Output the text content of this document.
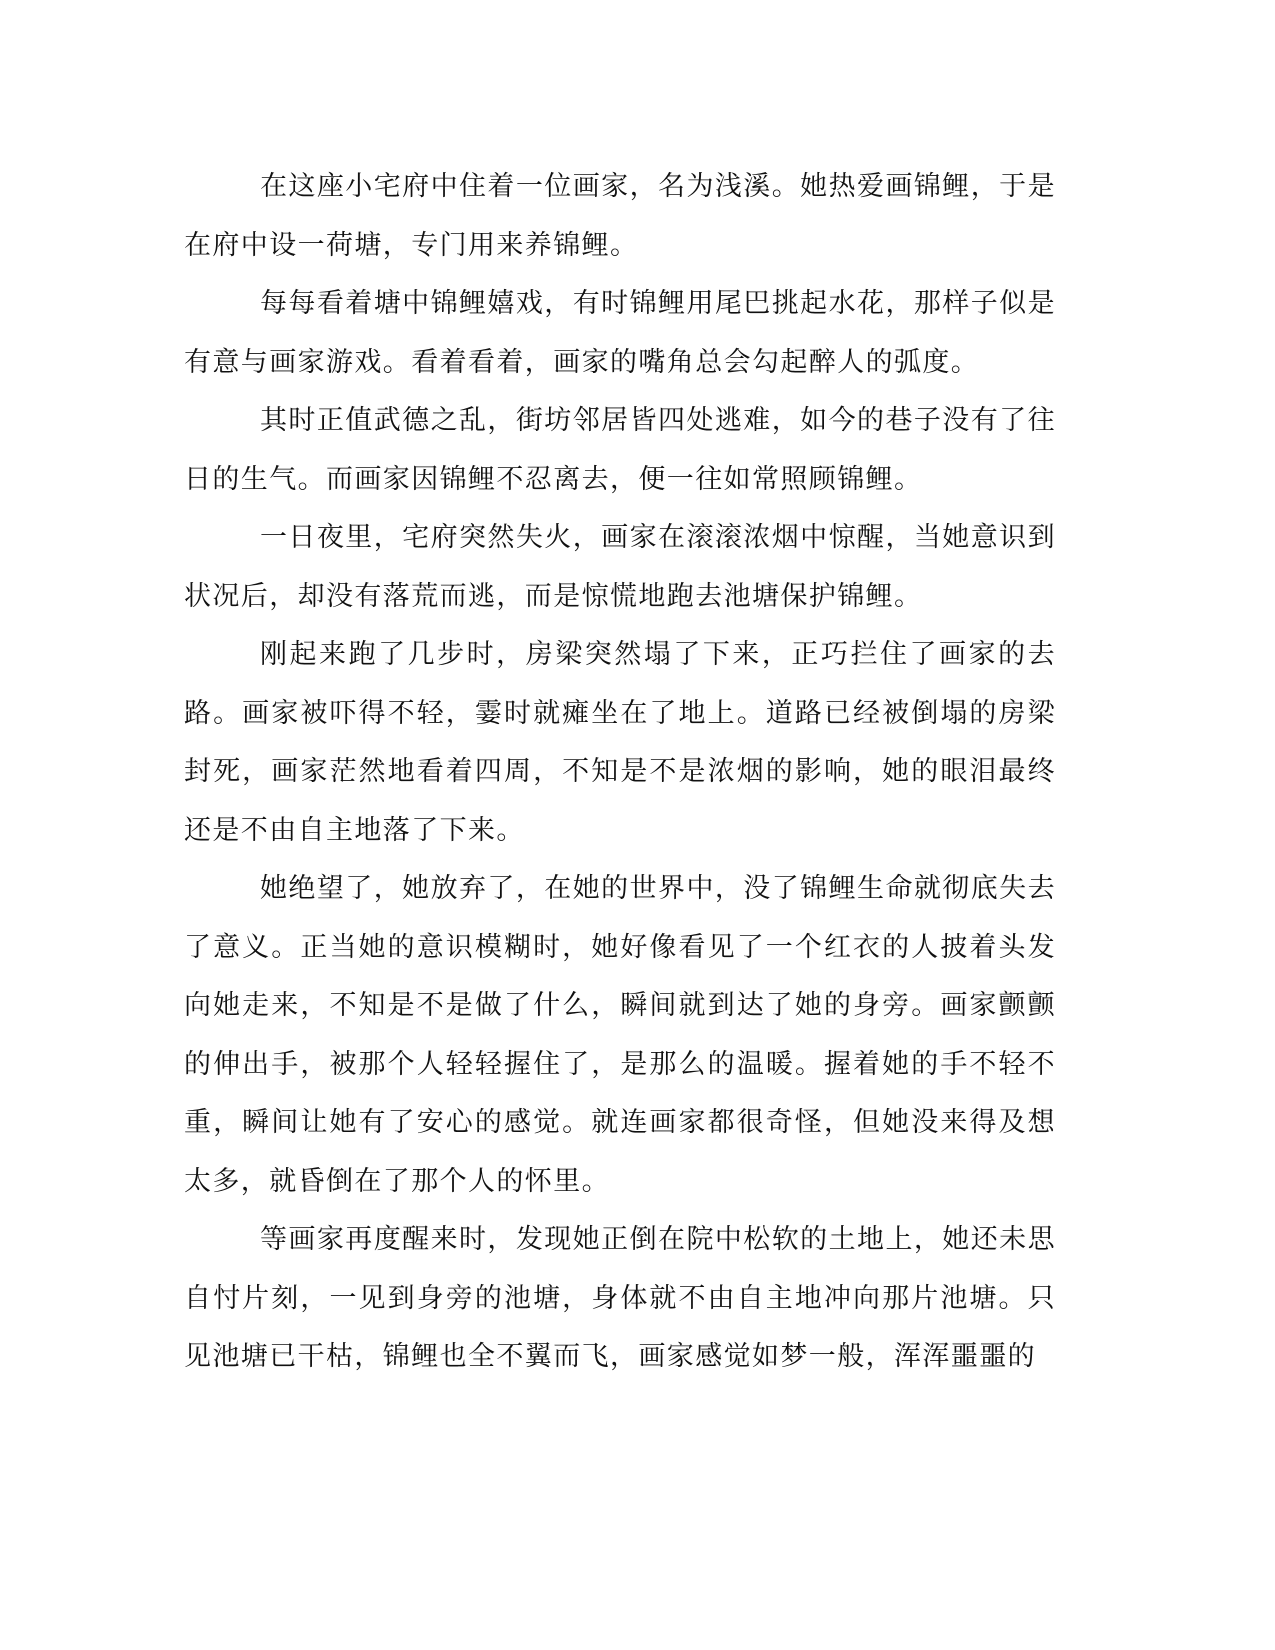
在这座小宅府中住着一位画家，名为浅溪。她热爱画锦鲤，于是在府中设一荷塘，专门用来养锦鲤。

每每看着塘中锦鲤嬉戏，有时锦鲤用尾巴挑起水花，那样子似是有意与画家游戏。看着看着，画家的嘴角总会勾起醉人的弧度。

其时正值武德之乱，街坊邻居皆四处逃难，如今的巷子没有了往日的生气。而画家因锦鲤不忍离去，便一往如常照顾锦鲤。

一日夜里，宅府突然失火，画家在滚滚浓烟中惊醒，当她意识到状况后，却没有落荒而逃，而是惊慌地跑去池塘保护锦鲤。

刚起来跑了几步时，房梁突然塌了下来，正巧拦住了画家的去路。画家被吓得不轻，霎时就瘫坐在了地上。道路已经被倒塌的房梁封死，画家茫然地看着四周，不知是不是浓烟的影响，她的眼泪最终还是不由自主地落了下来。

她绝望了，她放弃了，在她的世界中，没了锦鲤生命就彻底失去了意义。正当她的意识模糊时，她好像看见了一个红衣的人披着头发向她走来，不知是不是做了什么，瞬间就到达了她的身旁。画家颤颤的伸出手，被那个人轻轻握住了，是那么的温暖。握着她的手不轻不重，瞬间让她有了安心的感觉。就连画家都很奇怪，但她没来得及想太多，就昏倒在了那个人的怀里。

等画家再度醒来时，发现她正倒在院中松软的土地上，她还未思自忖片刻，一见到身旁的池塘，身体就不由自主地冲向那片池塘。只见池塘已干枯，锦鲤也全不翼而飞，画家感觉如梦一般，浑浑噩噩的
